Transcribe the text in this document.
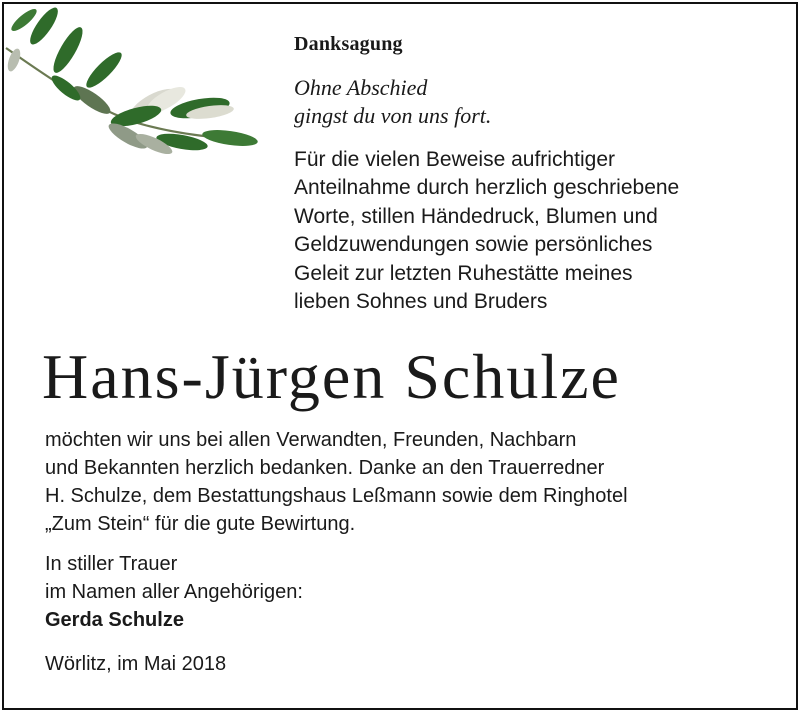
Danksagung
Ohne Abschied
gingst du von uns fort.
Für die vielen Beweise aufrichtiger
Anteilnahme durch herzlich geschriebene
Worte, stillen Händedruck, Blumen und
Geldzuwendungen sowie persönliches
Geleit zur letzten Ruhestätte meines
lieben Sohnes und Bruders
Hans-Jürgen Schulze
möchten wir uns bei allen Verwandten, Freunden, Nachbarn
und Bekannten herzlich bedanken. Danke an den Trauerredner
H. Schulze, dem Bestattungshaus Leßmann sowie dem Ringhotel
„Zum Stein“ für die gute Bewirtung.
In stiller Trauer
im Namen aller Angehörigen:
Gerda Schulze
Wörlitz, im Mai 2018
